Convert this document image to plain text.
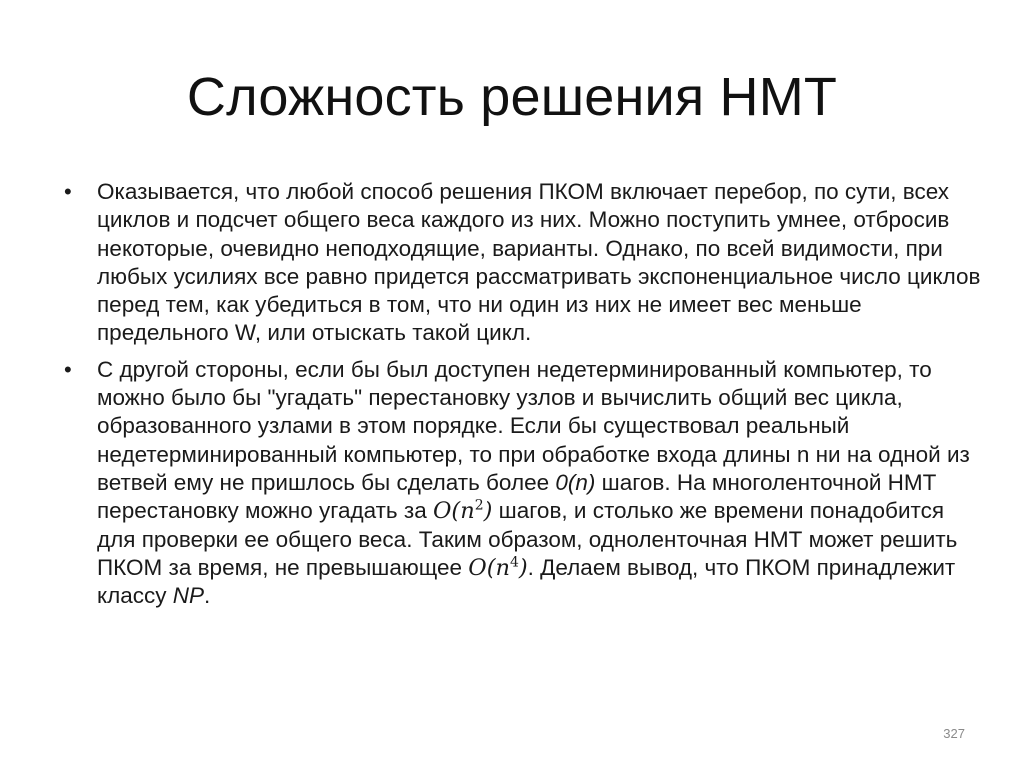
Сложность решения НМТ
• Оказывается, что любой способ решения ПКОМ включает перебор, по сути, всех циклов и подсчет общего веса каждого из них. Можно поступить умнее, отбросив некоторые, очевидно неподходящие, варианты. Однако, по всей видимости, при любых усилиях все равно придется рассматривать экспоненциальное число циклов перед тем, как убедиться в том, что ни один из них не имеет вес меньше предельного W, или отыскать такой цикл.
• С другой стороны, если бы был доступен недетерминированный компьютер, то можно было бы "угадать" перестановку узлов и вычислить общий вес цикла, образованного узлами в этом порядке. Если бы существовал реальный недетерминированный компьютер, то при обработке входа длины n ни на одной из ветвей ему не пришлось бы сделать более 0(n) шагов. На многоленточной НМТ перестановку можно угадать за $O(n^2)$ шагов, и столько же времени понадобится для проверки ее общего веса. Таким образом, одноленточная НМТ может решить ПКОМ за время, не превышающее $O(n^4)$. Делаем вывод, что ПКОМ принадлежит классу NP.
327
